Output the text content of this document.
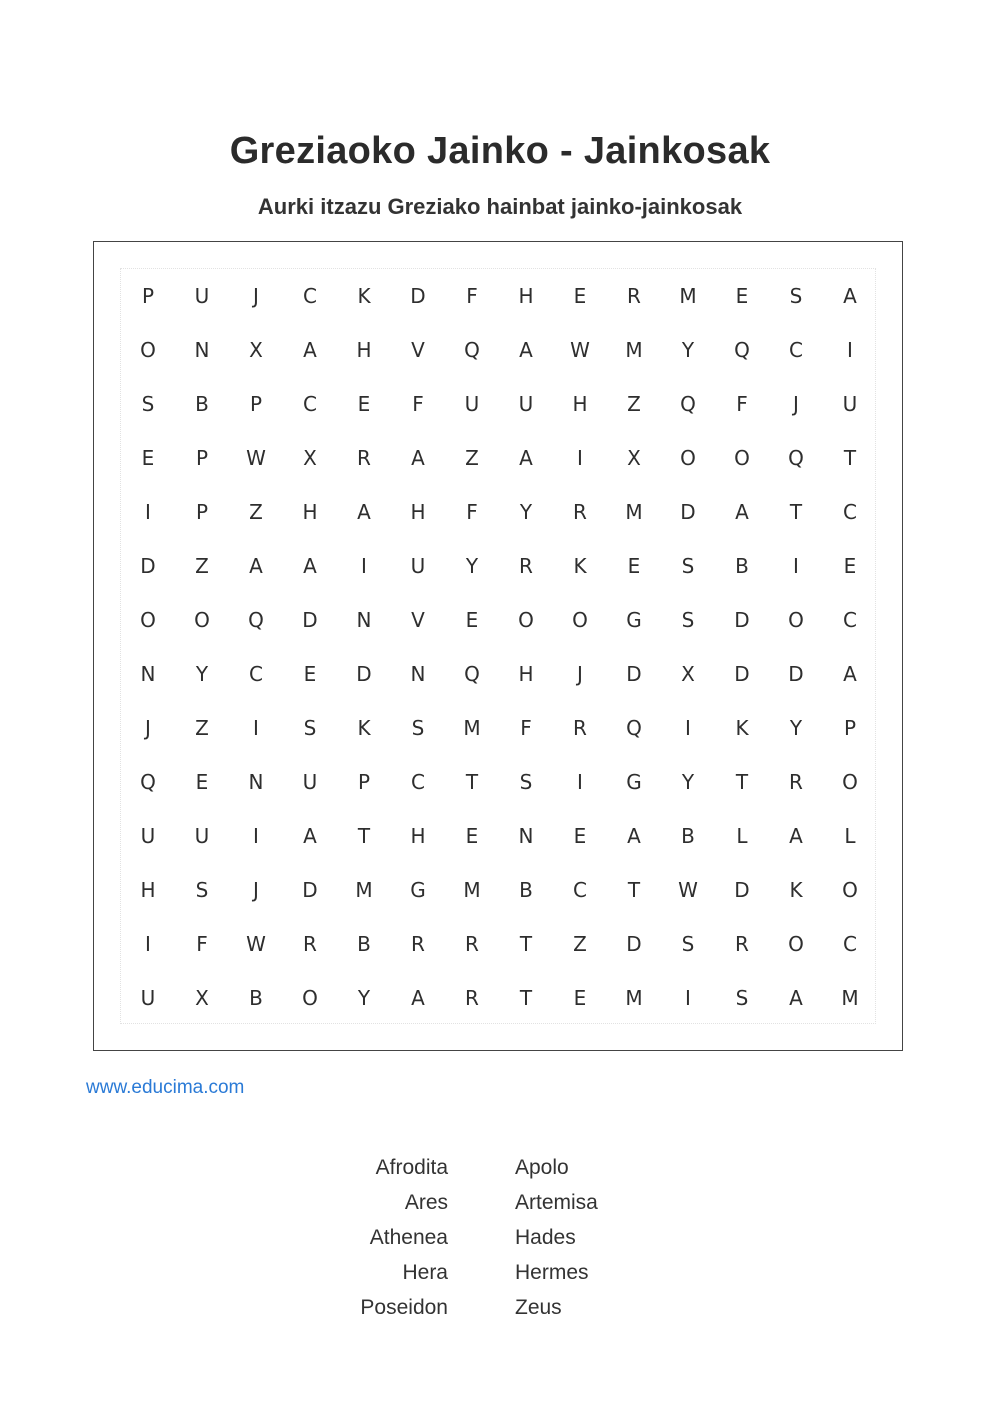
Greziaoko Jainko - Jainkosak
Aurki itzazu Greziako hainbat jainko-jainkosak
P	U	J	C	K	D	F	H	E	R	M	E	S	A
O	N	X	A	H	V	Q	A	W	M	Y	Q	C	I
S	B	P	C	E	F	U	U	H	Z	Q	F	J	U
E	P	W	X	R	A	Z	A	I	X	O	O	Q	T
I	P	Z	H	A	H	F	Y	R	M	D	A	T	C
D	Z	A	A	I	U	Y	R	K	E	S	B	I	E
O	O	Q	D	N	V	E	O	O	G	S	D	O	C
N	Y	C	E	D	N	Q	H	J	D	X	D	D	A
J	Z	I	S	K	S	M	F	R	Q	I	K	Y	P
Q	E	N	U	P	C	T	S	I	G	Y	T	R	O
U	U	I	A	T	H	E	N	E	A	B	L	A	L
H	S	J	D	M	G	M	B	C	T	W	D	K	O
I	F	W	R	B	R	R	T	Z	D	S	R	O	C
U	X	B	O	Y	A	R	T	E	M	I	S	A	M
www.educima.com
Afrodita	Apolo
Ares	Artemisa
Athenea	Hades
Hera	Hermes
Poseidon	Zeus
